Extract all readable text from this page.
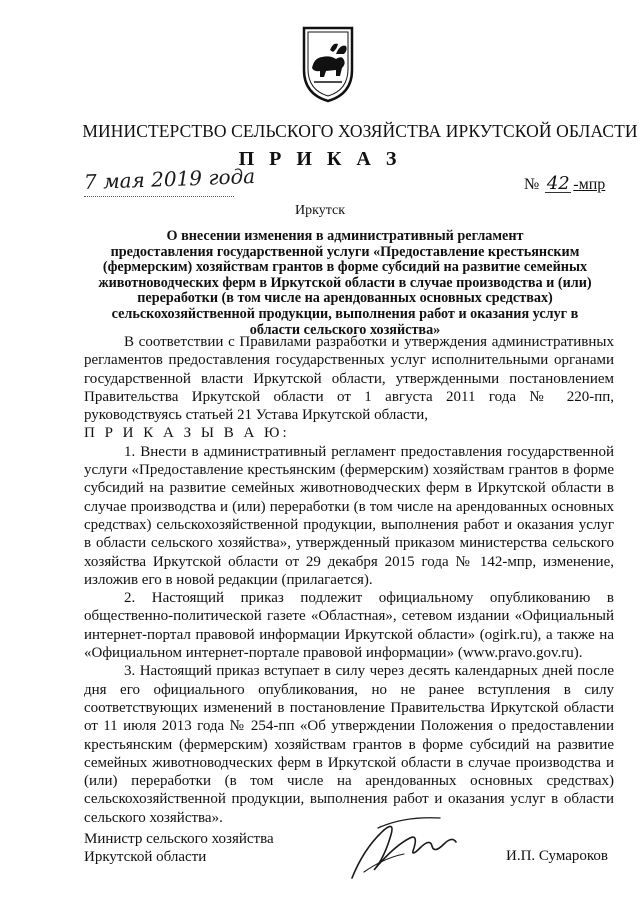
МИНИСТЕРСТВО СЕЛЬСКОГО ХОЗЯЙСТВА ИРКУТСКОЙ ОБЛАСТИ
П Р И К А З
7 мая 2019 года	№ 42 -мпр
Иркутск
О внесении изменения в административный регламент
предоставления государственной услуги «Предоставление крестьянским
(фермерским) хозяйствам грантов в форме субсидий на развитие семейных
животноводческих ферм в Иркутской области в случае производства и (или)
переработки (в том числе на арендованных основных средствах)
сельскохозяйственной продукции, выполнения работ и оказания услуг в
области сельского хозяйства»

В соответствии с Правилами разработки и утверждения административных регламентов предоставления государственных услуг исполнительными органами государственной власти Иркутской области, утвержденными постановлением Правительства Иркутской области от 1 августа 2011 года № 220-пп, руководствуясь статьей 21 Устава Иркутской области,

П Р И К А З Ы В А Ю:

1. Внести в административный регламент предоставления государственной услуги «Предоставление крестьянским (фермерским) хозяйствам грантов в форме субсидий на развитие семейных животноводческих ферм в Иркутской области в случае производства и (или) переработки (в том числе на арендованных основных средствах) сельскохозяйственной продукции, выполнения работ и оказания услуг в области сельского хозяйства», утвержденный приказом министерства сельского хозяйства Иркутской области от 29 декабря 2015 года № 142-мпр, изменение, изложив его в новой редакции (прилагается).

2. Настоящий приказ подлежит официальному опубликованию в общественно-политической газете «Областная», сетевом издании «Официальный интернет-портал правовой информации Иркутской области» (ogirk.ru), а также на «Официальном интернет-портале правовой информации» (www.pravo.gov.ru).

3. Настоящий приказ вступает в силу через десять календарных дней после дня его официального опубликования, но не ранее вступления в силу соответствующих изменений в постановление Правительства Иркутской области от 11 июля 2013 года № 254-пп «Об утверждении Положения о предоставлении крестьянским (фермерским) хозяйствам грантов в форме субсидий на развитие семейных животноводческих ферм в Иркутской области в случае производства и (или) переработки (в том числе на арендованных основных средствах) сельскохозяйственной продукции, выполнения работ и оказания услуг в области сельского хозяйства».

Министр сельского хозяйства
Иркутской области	И.П. Сумароков
